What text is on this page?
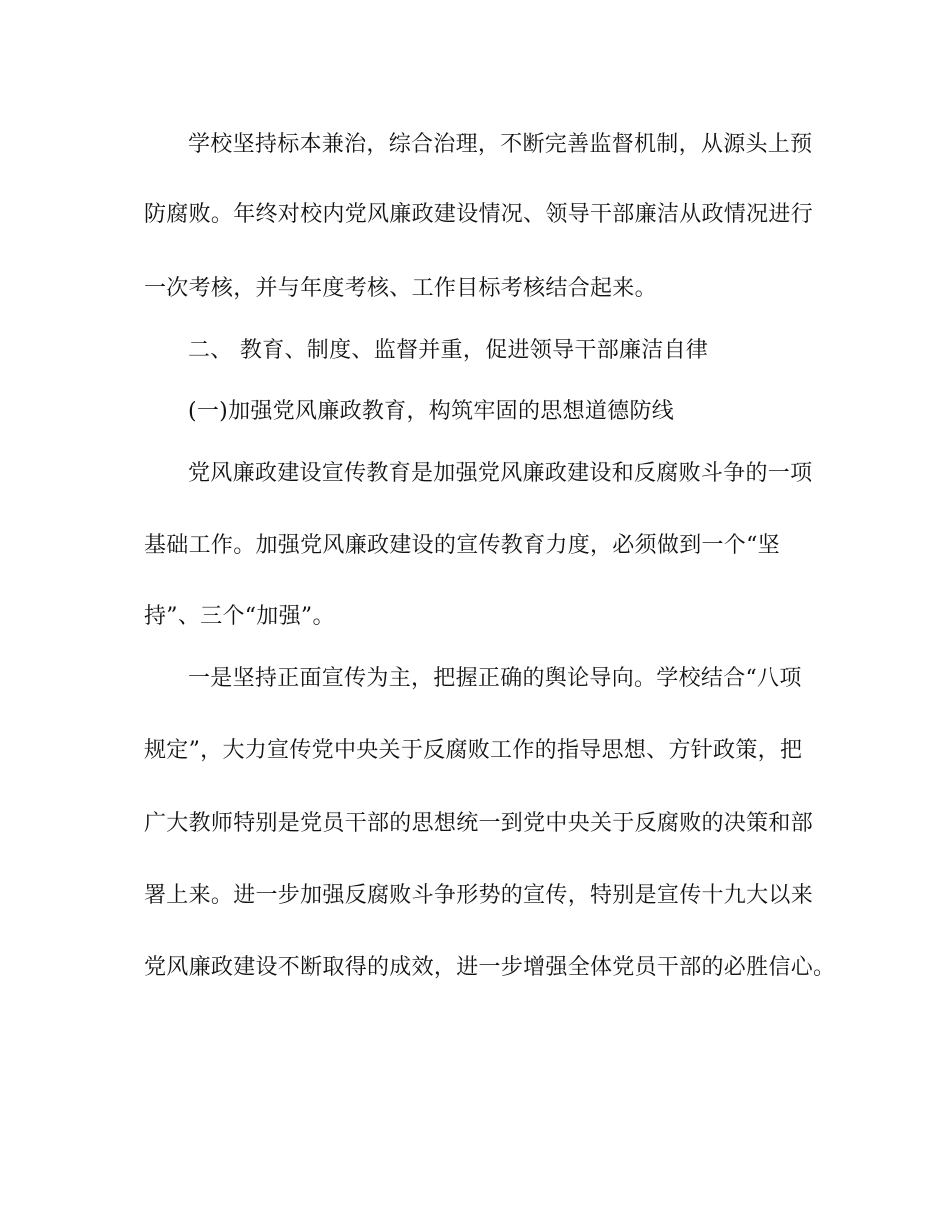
学校坚持标本兼治，综合治理，不断完善监督机制，从源头上预
防腐败。年终对校内党风廉政建设情况、领导干部廉洁从政情况进行
一次考核，并与年度考核、工作目标考核结合起来。
二、 教育、制度、监督并重，促进领导干部廉洁自律
(一)加强党风廉政教育，构筑牢固的思想道德防线
党风廉政建设宣传教育是加强党风廉政建设和反腐败斗争的一项
基础工作。加强党风廉政建设的宣传教育力度，必须做到一个“坚
持”、三个“加强”。
一是坚持正面宣传为主，把握正确的舆论导向。学校结合“八项
规定”，大力宣传党中央关于反腐败工作的指导思想、方针政策，把
广大教师特别是党员干部的思想统一到党中央关于反腐败的决策和部
署上来。进一步加强反腐败斗争形势的宣传，特别是宣传十九大以来
党风廉政建设不断取得的成效，进一步增强全体党员干部的必胜信心。
